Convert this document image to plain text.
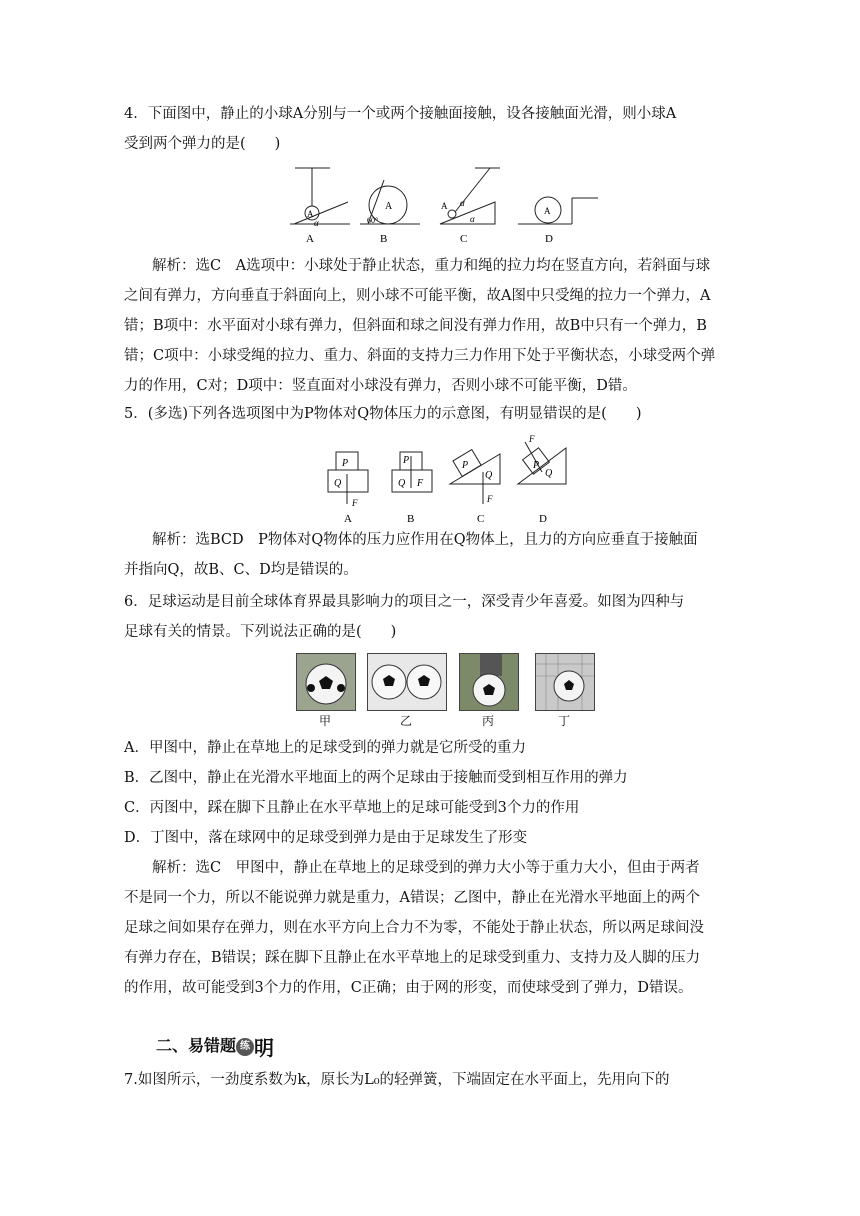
4．下面图中，静止的小球A分别与一个或两个接触面接触，设各接触面光滑，则小球A
受到两个弹力的是(　　)
A
α
A
60°
A α
α
A
A	B	C	D
解析：选C　A选项中：小球处于静止状态，重力和绳的拉力均在竖直方向，若斜面与球
之间有弹力，方向垂直于斜面向上，则小球不可能平衡，故A图中只受绳的拉力一个弹力，A
错；B项中：水平面对小球有弹力，但斜面和球之间没有弹力作用，故B中只有一个弹力，B
错；C项中：小球受绳的拉力、重力、斜面的支持力三力作用下处于平衡状态，小球受两个弹
力的作用，C对；D项中：竖直面对小球没有弹力，否则小球不可能平衡，D错。
5．(多选)下列各选项图中为P物体对Q物体压力的示意图，有明显错误的是(　　)
P
Q
F
P
Q F
P
Q
F
F
P
Q
A	B	C	D
解析：选BCD　P物体对Q物体的压力应作用在Q物体上，且力的方向应垂直于接触面
并指向Q，故B、C、D均是错误的。
6．足球运动是目前全球体育界最具影响力的项目之一，深受青少年喜爱。如图为四种与
足球有关的情景。下列说法正确的是(　　)
甲	乙	丙	丁
A．甲图中，静止在草地上的足球受到的弹力就是它所受的重力
B．乙图中，静止在光滑水平地面上的两个足球由于接触而受到相互作用的弹力
C．丙图中，踩在脚下且静止在水平草地上的足球可能受到3个力的作用
D．丁图中，落在球网中的足球受到弹力是由于足球发生了形变
解析：选C　甲图中，静止在草地上的足球受到的弹力大小等于重力大小，但由于两者
不是同一个力，所以不能说弹力就是重力，A错误；乙图中，静止在光滑水平地面上的两个
足球之间如果存在弹力，则在水平方向上合力不为零，不能处于静止状态，所以两足球间没
有弹力存在，B错误；踩在脚下且静止在水平草地上的足球受到重力、支持力及人脚的压力
的作用，故可能受到3个力的作用，C正确；由于网的形变，而使球受到了弹力，D错误。
二、易错题 练 明
7.如图所示，一劲度系数为k，原长为L₀的轻弹簧，下端固定在水平面上，先用向下的
